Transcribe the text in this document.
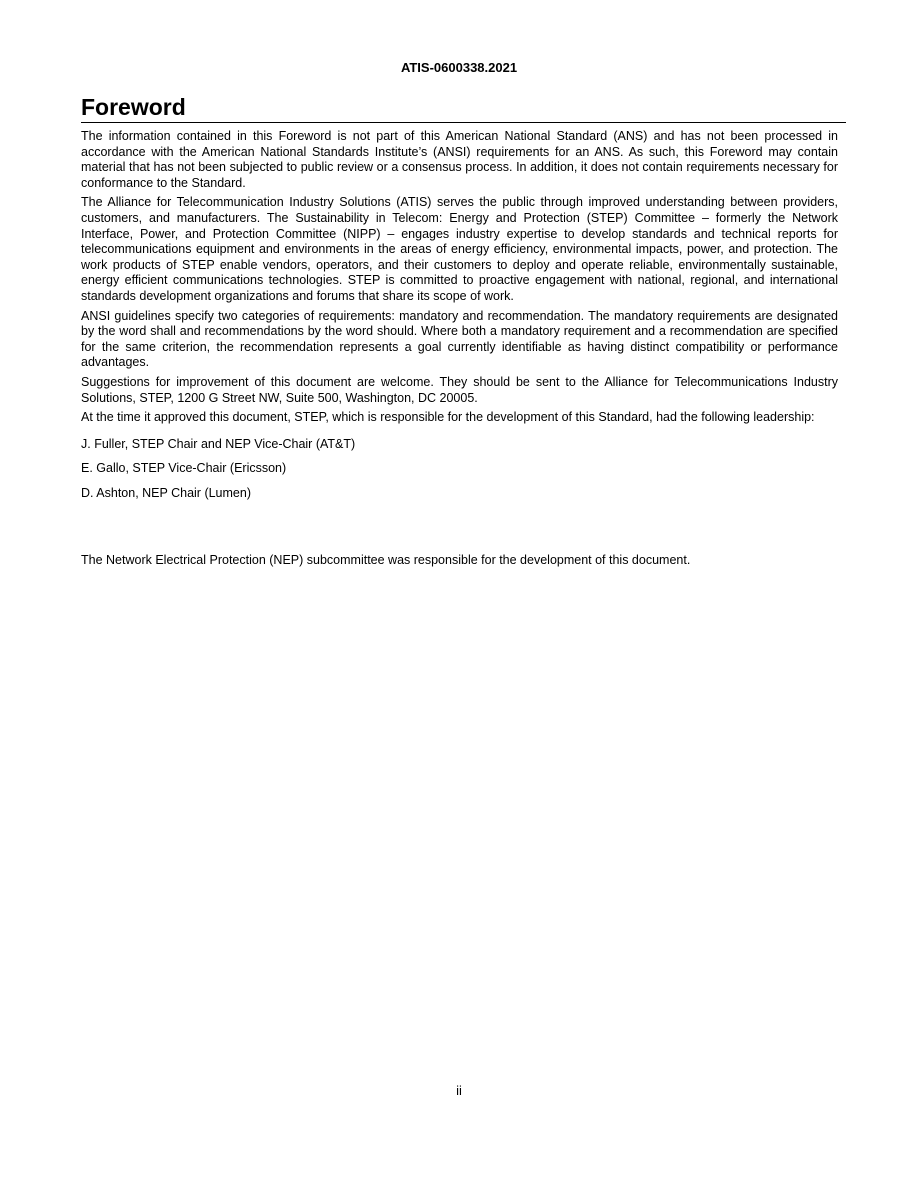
ATIS-0600338.2021
Foreword

The information contained in this Foreword is not part of this American National Standard (ANS) and has not been processed in accordance with the American National Standards Institute’s (ANSI) requirements for an ANS. As such, this Foreword may contain material that has not been subjected to public review or a consensus process. In addition, it does not contain requirements necessary for conformance to the Standard.

The Alliance for Telecommunication Industry Solutions (ATIS) serves the public through improved understanding between providers, customers, and manufacturers. The Sustainability in Telecom: Energy and Protection (STEP) Committee – formerly the Network Interface, Power, and Protection Committee (NIPP) – engages industry expertise to develop standards and technical reports for telecommunications equipment and environments in the areas of energy efficiency, environmental impacts, power, and protection. The work products of STEP enable vendors, operators, and their customers to deploy and operate reliable, environmentally sustainable, energy efficient communications technologies. STEP is committed to proactive engagement with national, regional, and international standards development organizations and forums that share its scope of work.

ANSI guidelines specify two categories of requirements: mandatory and recommendation. The mandatory requirements are designated by the word shall and recommendations by the word should. Where both a mandatory requirement and a recommendation are specified for the same criterion, the recommendation represents a goal currently identifiable as having distinct compatibility or performance advantages.

Suggestions for improvement of this document are welcome. They should be sent to the Alliance for Telecommunications Industry Solutions, STEP, 1200 G Street NW, Suite 500, Washington, DC 20005.

At the time it approved this document, STEP, which is responsible for the development of this Standard, had the following leadership:

J. Fuller, STEP Chair and NEP Vice-Chair (AT&T)

E. Gallo, STEP Vice-Chair (Ericsson)

D. Ashton, NEP Chair (Lumen)

The Network Electrical Protection (NEP) subcommittee was responsible for the development of this document.

ii
